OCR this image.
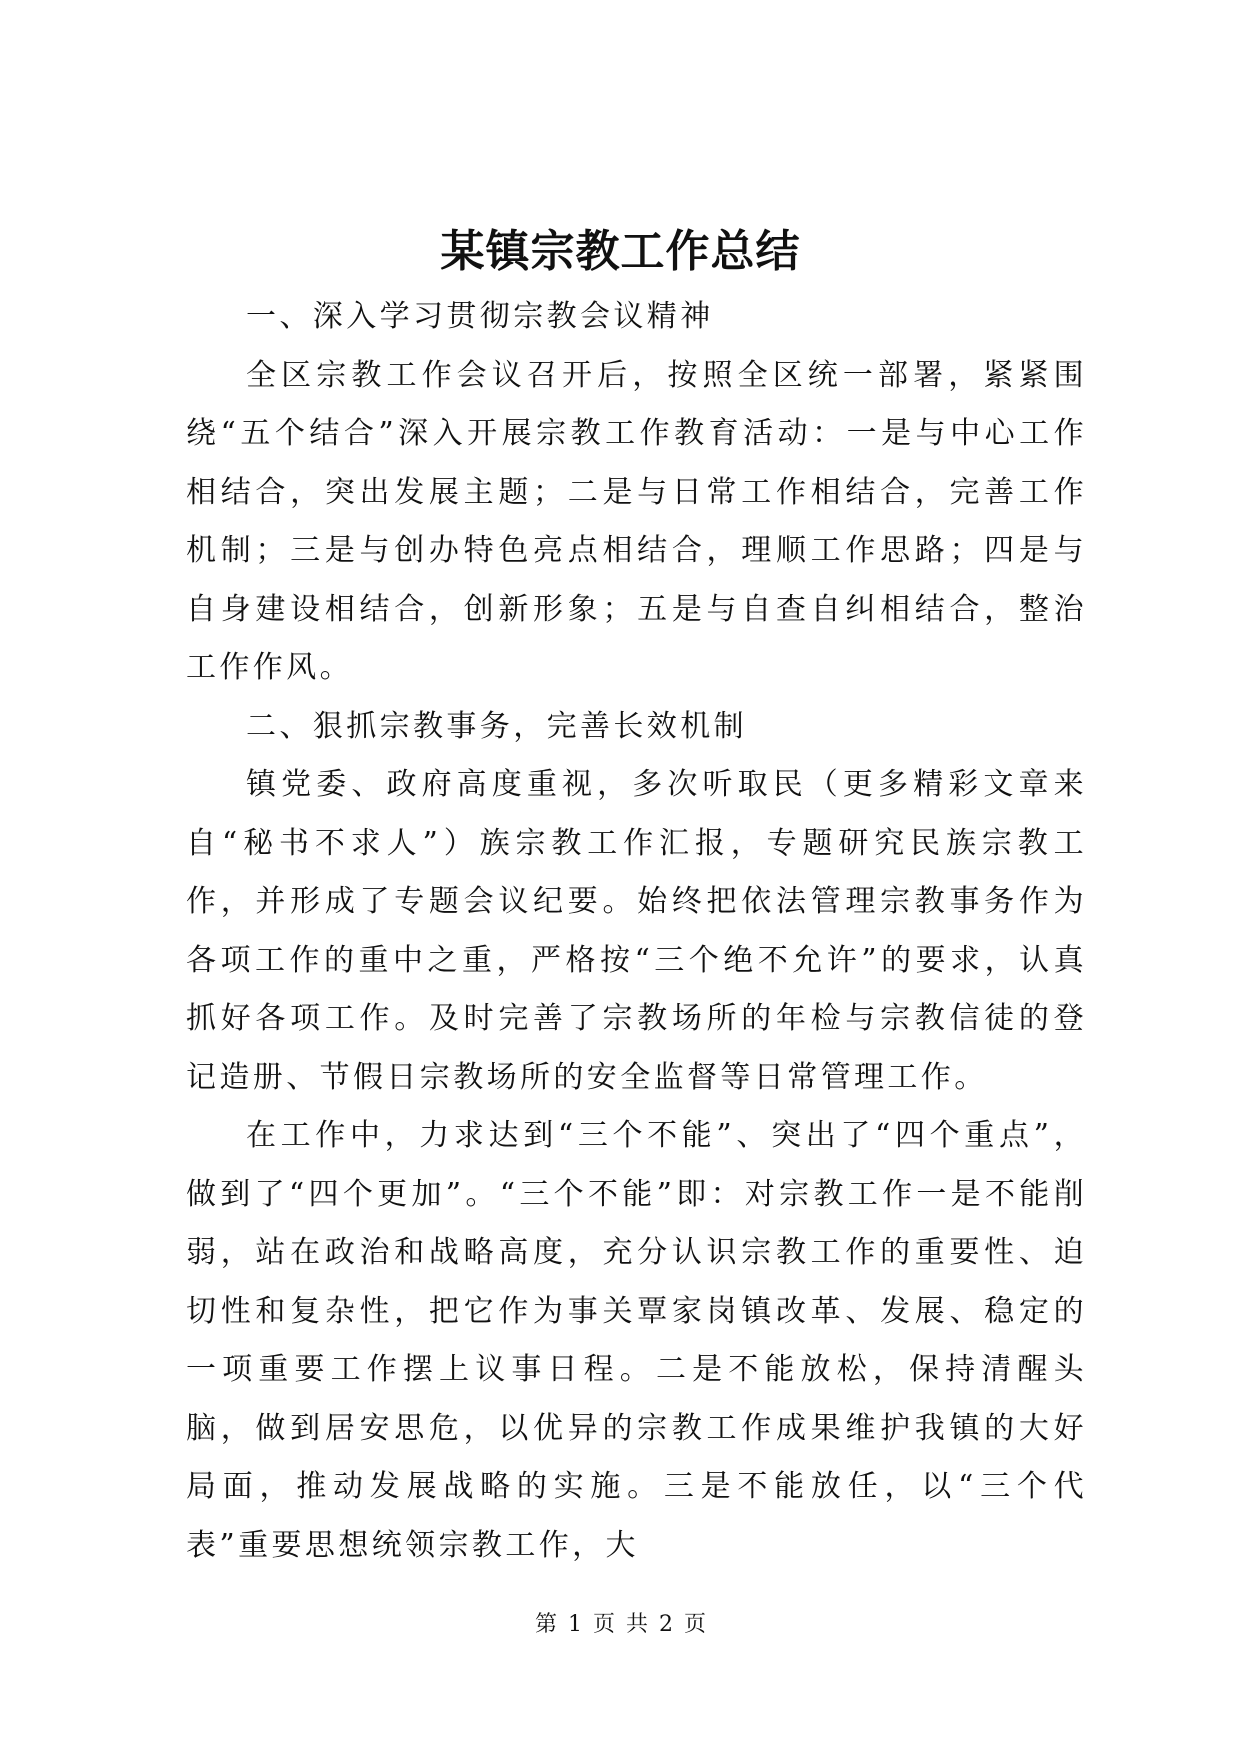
某镇宗教工作总结

一、深入学习贯彻宗教会议精神

全区宗教工作会议召开后，按照全区统一部署，紧紧围绕“五个结合”深入开展宗教工作教育活动：一是与中心工作相结合，突出发展主题；二是与日常工作相结合，完善工作机制；三是与创办特色亮点相结合，理顺工作思路；四是与自身建设相结合，创新形象；五是与自查自纠相结合，整治工作作风。

二、狠抓宗教事务，完善长效机制

镇党委、政府高度重视，多次听取民（更多精彩文章来自“秘书不求人”）族宗教工作汇报，专题研究民族宗教工作，并形成了专题会议纪要。始终把依法管理宗教事务作为各项工作的重中之重，严格按“三个绝不允许”的要求，认真抓好各项工作。及时完善了宗教场所的年检与宗教信徒的登记造册、节假日宗教场所的安全监督等日常管理工作。

在工作中，力求达到“三个不能”、突出了“四个重点”，做到了“四个更加”。“三个不能”即：对宗教工作一是不能削弱，站在政治和战略高度，充分认识宗教工作的重要性、迫切性和复杂性，把它作为事关覃家岗镇改革、发展、稳定的一项重要工作摆上议事日程。二是不能放松，保持清醒头脑，做到居安思危，以优异的宗教工作成果维护我镇的大好局面，推动发展战略的实施。三是不能放任，以“三个代表”重要思想统领宗教工作，大

第 1 页 共 2 页
